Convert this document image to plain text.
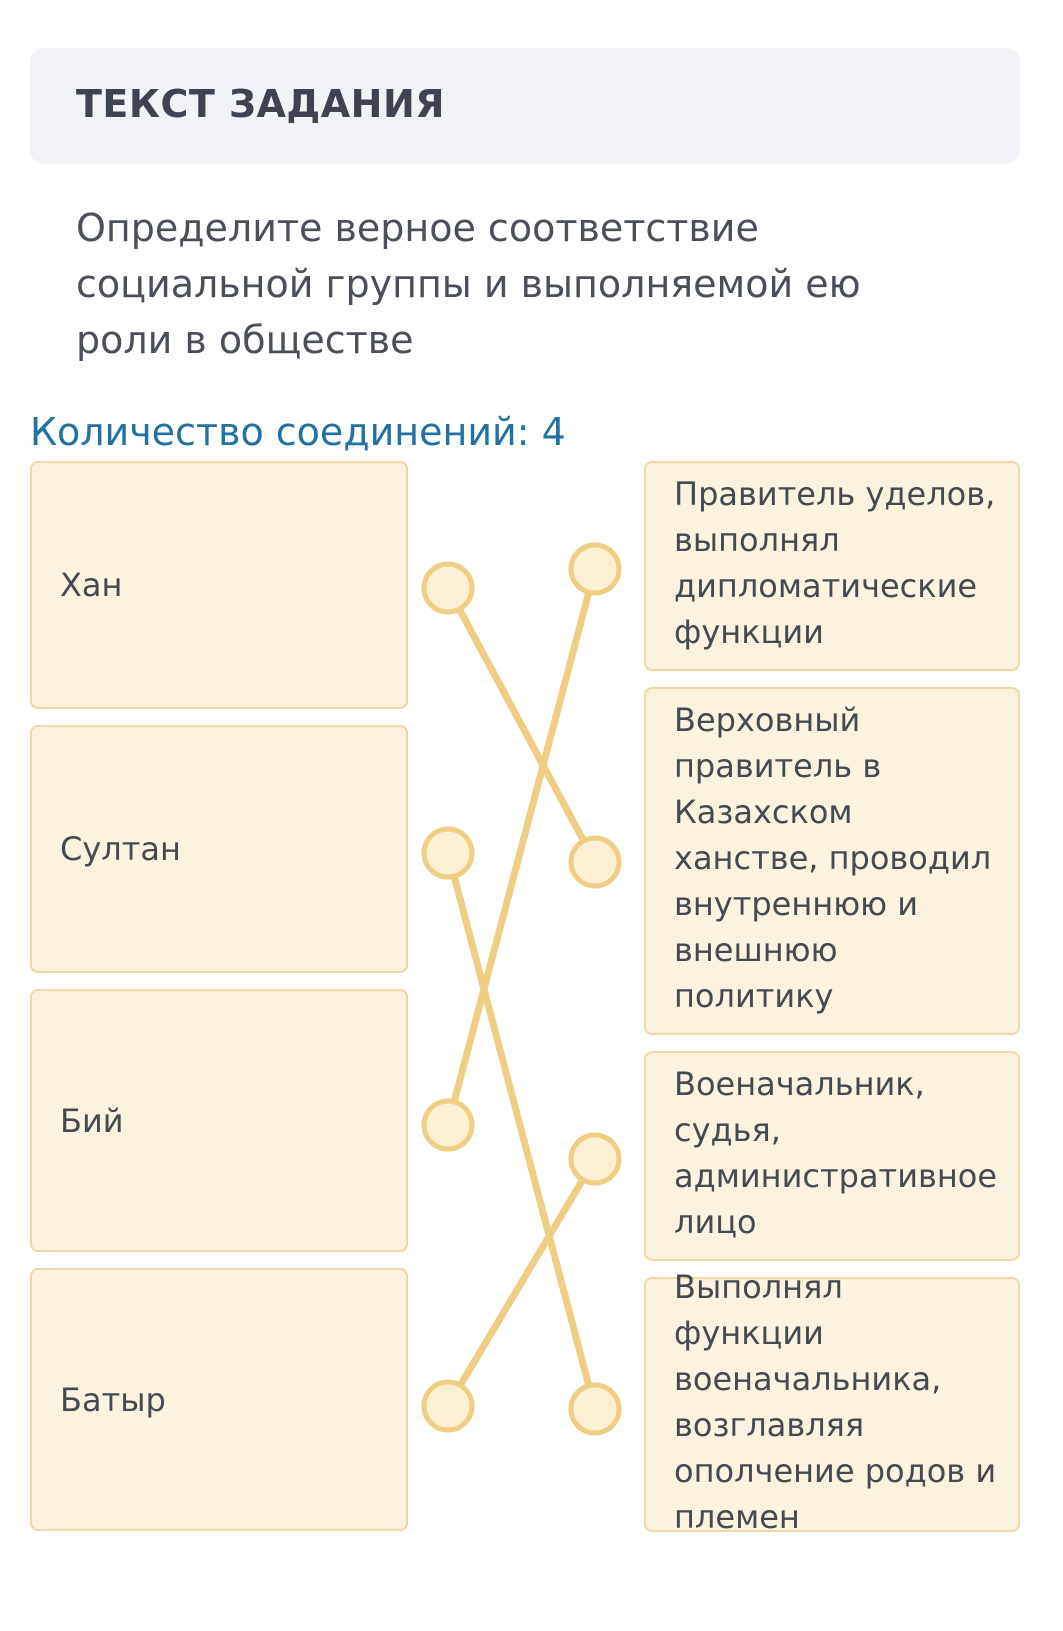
ТЕКСТ ЗАДАНИЯ
Определите верное соответствие социальной группы и выполняемой ею роли в обществе
Количество соединений: 4
Хан
Султан
Бий
Батыр
Правитель уделов, выполнял дипломатические функции
Верховный правитель в Казахском ханстве, проводил внутреннюю и внешнюю политику
Военачальник, судья, административное лицо
Выполнял функции военачальника, возглавляя ополчение родов и племен
